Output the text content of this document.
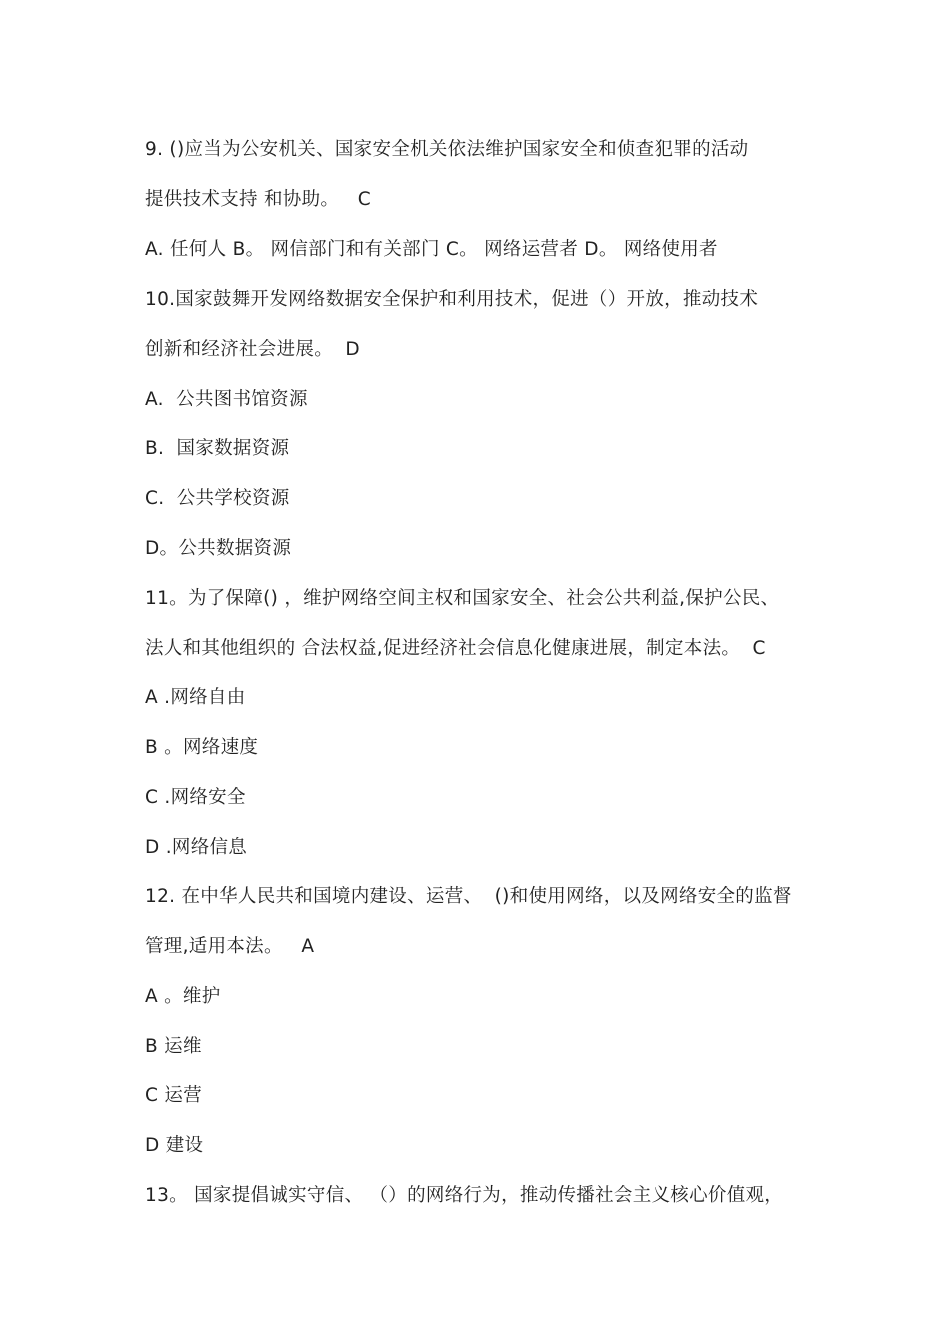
9. ()应当为公安机关、国家安全机关依法维护国家安全和侦查犯罪的活动
提供技术支持 和协助。   C
A. 任何人 B。 网信部门和有关部门 C。 网络运营者 D。 网络使用者
10.国家鼓舞开发网络数据安全保护和利用技术，促进（）开放，推动技术
创新和经济社会进展。  D
A.  公共图书馆资源
B.  国家数据资源
C.  公共学校资源
D。公共数据资源
11。为了保障() ，维护网络空间主权和国家安全、社会公共利益,保护公民、
法人和其他组织的 合法权益,促进经济社会信息化健康进展，制定本法。  C
A .网络自由
B 。网络速度
C .网络安全
D .网络信息
12. 在中华人民共和国境内建设、运营、  ()和使用网络，以及网络安全的监督
管理,适用本法。   A
A 。维护
B 运维
C 运营
D 建设
13。 国家提倡诚实守信、 （）的网络行为，推动传播社会主义核心价值观，
